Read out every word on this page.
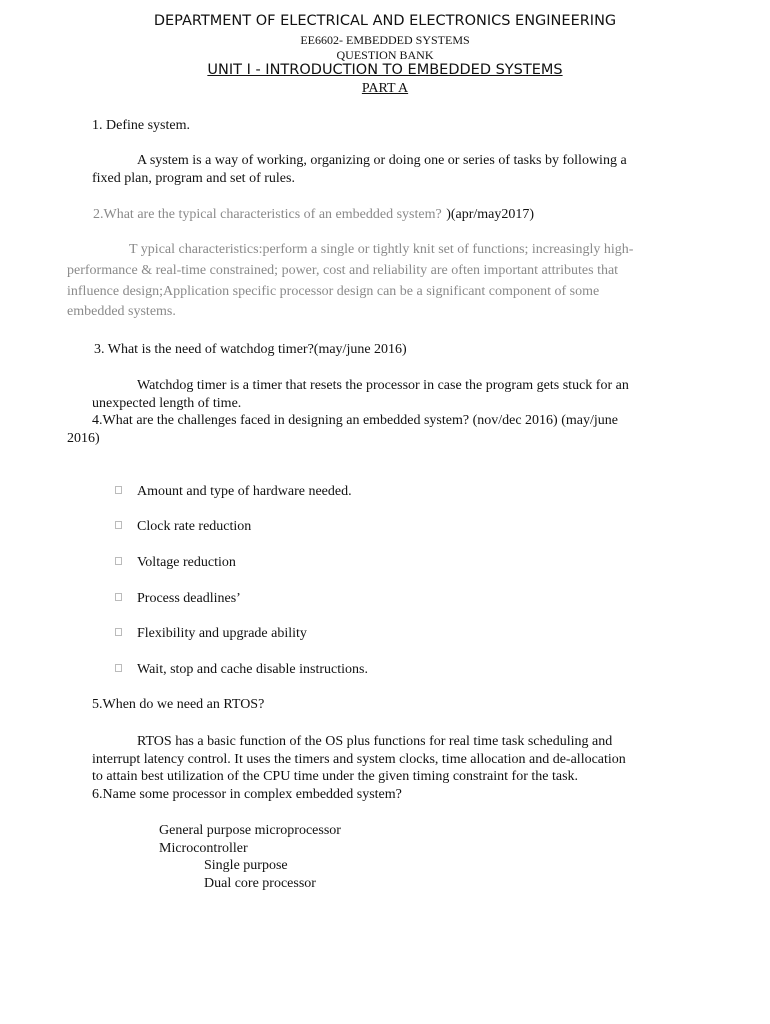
DEPARTMENT OF ELECTRICAL AND ELECTRONICS ENGINEERING
EE6602- EMBEDDED SYSTEMS
QUESTION BANK
UNIT I - INTRODUCTION TO EMBEDDED SYSTEMS
PART A
1. Define system.
A system is a way of working, organizing or doing one or series of tasks by following a
fixed plan, program and set of rules.
2.What are the typical characteristics of an embedded system? )(apr/may2017)
T ypical characteristics:perform a single or tightly knit set of functions; increasingly high-
performance & real-time constrained; power, cost and reliability are often important attributes that
influence design;Application specific processor design can be a significant component of some
embedded systems.
3. What is the need of watchdog timer?(may/june 2016)
Watchdog timer is a timer that resets the processor in case the program gets stuck for an
unexpected length of time.
4.What are the challenges faced in designing an embedded system? (nov/dec 2016) (may/june
2016)
Amount and type of hardware needed.
Clock rate reduction
Voltage reduction
Process deadlines’
Flexibility and upgrade ability
Wait, stop and cache disable instructions.
5.When do we need an RTOS?
RTOS has a basic function of the OS plus functions for real time task scheduling and
interrupt latency control. It uses the timers and system clocks, time allocation and de-allocation
to attain best utilization of the CPU time under the given timing constraint for the task.
6.Name some processor in complex embedded system?
General purpose microprocessor
Microcontroller
Single purpose
Dual core processor
